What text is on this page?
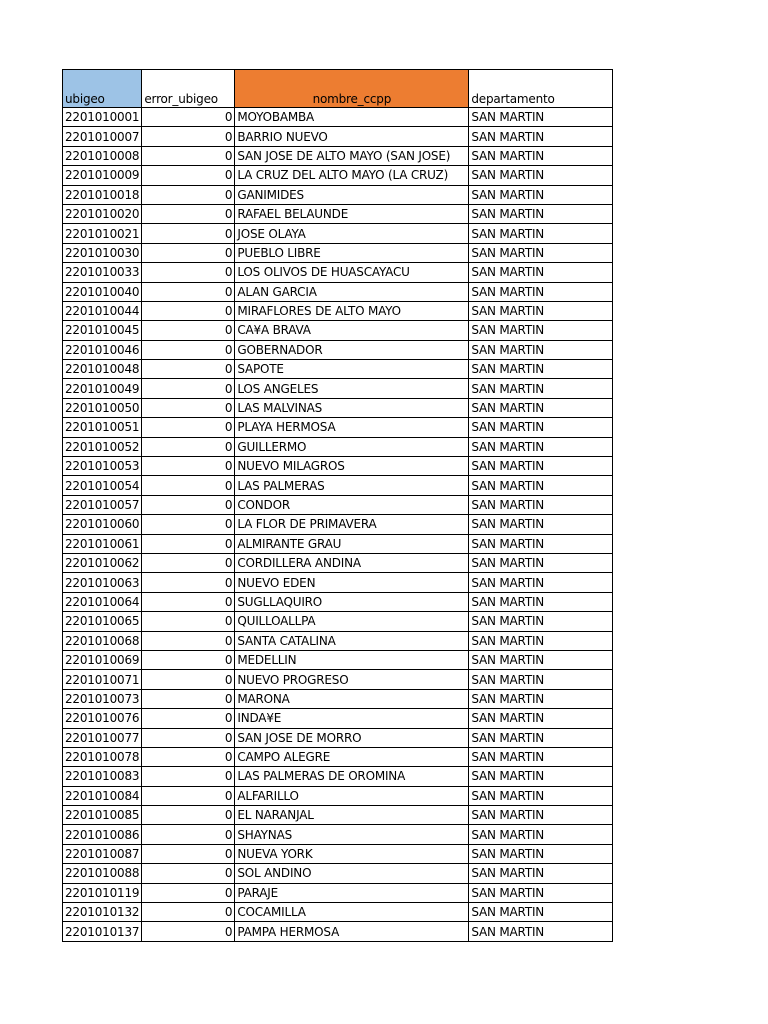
ubigeo	error_ubigeo	nombre_ccpp	departamento
2201010001	0	MOYOBAMBA	SAN MARTIN
2201010007	0	BARRIO NUEVO	SAN MARTIN
2201010008	0	SAN JOSE DE ALTO MAYO (SAN JOSE)	SAN MARTIN
2201010009	0	LA CRUZ DEL ALTO MAYO (LA CRUZ)	SAN MARTIN
2201010018	0	GANIMIDES	SAN MARTIN
2201010020	0	RAFAEL BELAUNDE	SAN MARTIN
2201010021	0	JOSE OLAYA	SAN MARTIN
2201010030	0	PUEBLO LIBRE	SAN MARTIN
2201010033	0	LOS OLIVOS DE HUASCAYACU	SAN MARTIN
2201010040	0	ALAN GARCIA	SAN MARTIN
2201010044	0	MIRAFLORES DE ALTO MAYO	SAN MARTIN
2201010045	0	CA¥A BRAVA	SAN MARTIN
2201010046	0	GOBERNADOR	SAN MARTIN
2201010048	0	SAPOTE	SAN MARTIN
2201010049	0	LOS ANGELES	SAN MARTIN
2201010050	0	LAS MALVINAS	SAN MARTIN
2201010051	0	PLAYA HERMOSA	SAN MARTIN
2201010052	0	GUILLERMO	SAN MARTIN
2201010053	0	NUEVO MILAGROS	SAN MARTIN
2201010054	0	LAS PALMERAS	SAN MARTIN
2201010057	0	CONDOR	SAN MARTIN
2201010060	0	LA FLOR DE PRIMAVERA	SAN MARTIN
2201010061	0	ALMIRANTE GRAU	SAN MARTIN
2201010062	0	CORDILLERA ANDINA	SAN MARTIN
2201010063	0	NUEVO EDEN	SAN MARTIN
2201010064	0	SUGLLAQUIRO	SAN MARTIN
2201010065	0	QUILLOALLPA	SAN MARTIN
2201010068	0	SANTA CATALINA	SAN MARTIN
2201010069	0	MEDELLIN	SAN MARTIN
2201010071	0	NUEVO PROGRESO	SAN MARTIN
2201010073	0	MARONA	SAN MARTIN
2201010076	0	INDA¥E	SAN MARTIN
2201010077	0	SAN JOSE DE MORRO	SAN MARTIN
2201010078	0	CAMPO ALEGRE	SAN MARTIN
2201010083	0	LAS PALMERAS DE OROMINA	SAN MARTIN
2201010084	0	ALFARILLO	SAN MARTIN
2201010085	0	EL NARANJAL	SAN MARTIN
2201010086	0	SHAYNAS	SAN MARTIN
2201010087	0	NUEVA YORK	SAN MARTIN
2201010088	0	SOL ANDINO	SAN MARTIN
2201010119	0	PARAJE	SAN MARTIN
2201010132	0	COCAMILLA	SAN MARTIN
2201010137	0	PAMPA HERMOSA	SAN MARTIN
